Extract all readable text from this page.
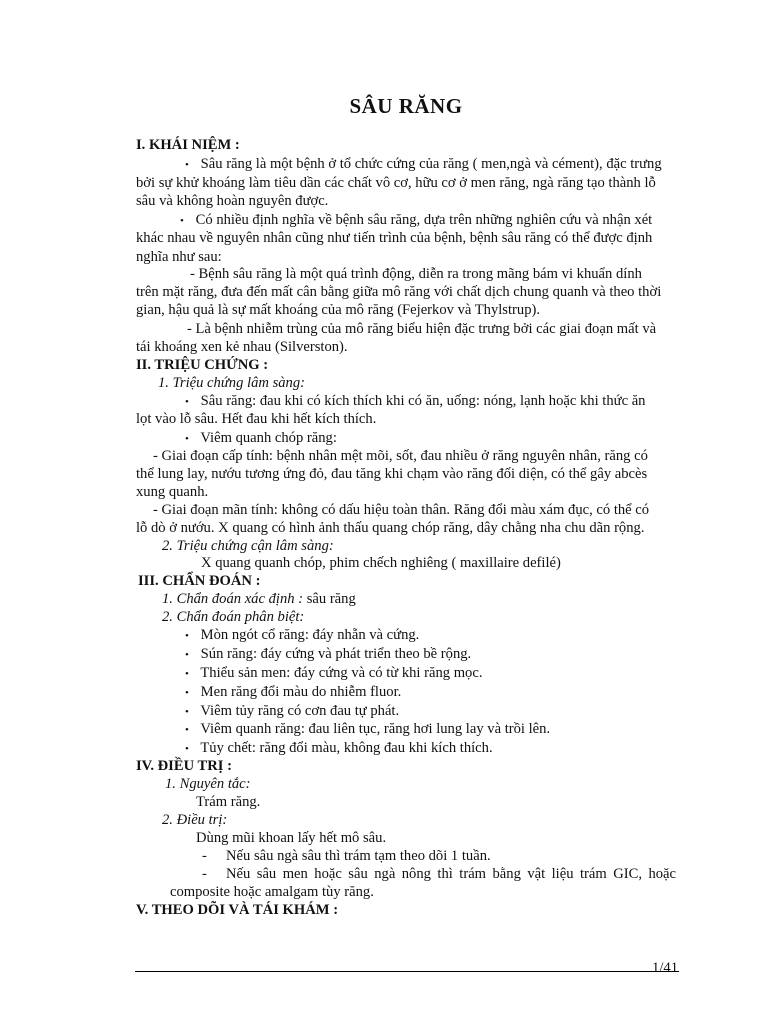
SÂU RĂNG
I. KHÁI NIỆM :
• Sâu răng là một bệnh ở tổ chức cứng của răng ( men,ngà và cément), đặc trưng
bởi sự khử khoáng làm tiêu dần các chất vô cơ, hữu cơ ở men răng, ngà răng tạo thành lỗ
sâu và không hoàn nguyên được.
• Có nhiều định nghĩa về bệnh sâu răng, dựa trên những nghiên cứu và nhận xét
khác nhau về nguyên nhân cũng như tiến trình của bệnh, bệnh sâu răng có thể được định
nghĩa như sau:
- Bệnh sâu răng là một quá trình động, diễn ra trong mãng bám vi khuẩn dính
trên mặt răng, đưa đến mất cân bằng giữa mô răng với chất dịch chung quanh và theo thời
gian, hậu quả là sự mất khoáng của mô răng (Fejerkov và Thylstrup).
- Là bệnh nhiễm trùng của mô răng biểu hiện đặc trưng bởi các giai đoạn mất và
tái khoáng xen kẻ nhau (Silverston).
II. TRIỆU CHỨNG :
1. Triệu chứng lâm sàng:
• Sâu răng: đau khi có kích thích khi có ăn, uống: nóng, lạnh hoặc khi thức ăn
lọt vào lỗ sâu. Hết đau khi hết kích thích.
• Viêm quanh chóp răng:
- Giai đoạn cấp tính: bệnh nhân mệt mõi, sốt, đau nhiều ở răng nguyên nhân, răng có
thể lung lay, nướu tương ứng đỏ, đau tăng khi chạm vào răng đối diện, có thể gây abcès
xung quanh.
- Giai đoạn mãn tính: không có dấu hiệu toàn thân. Răng đổi màu xám đục, có thể có
lỗ dò ở nướu. X quang có hình ảnh thấu quang chóp răng, dây chằng nha chu dãn rộng.
2. Triệu chứng cận lâm sàng:
X quang quanh chóp, phim chếch nghiêng ( maxillaire defilé)
III. CHẨN ĐOÁN :
1. Chẩn đoán xác định : sâu răng
2. Chẩn đoán phân biệt:
• Mòn ngót cổ răng: đáy nhẵn và cứng.
• Sún răng: đáy cứng và phát triển theo bề rộng.
• Thiểu sản men: đáy cứng và có từ khi răng mọc.
• Men răng đổi màu do nhiễm fluor.
• Viêm tủy răng có cơn đau tự phát.
• Viêm quanh răng: đau liên tục, răng hơi lung lay và trồi lên.
• Tủy chết: răng đổi màu, không đau khi kích thích.
IV. ĐIỀU TRỊ :
1. Nguyên tắc:
Trám răng.
2. Điều trị:
Dùng mũi khoan lấy hết mô sâu.
- Nếu sâu ngà sâu thì trám tạm theo dõi 1 tuần.
- Nếu sâu men hoặc sâu ngà nông thì trám bằng vật liệu trám GIC, hoặc
composite hoặc amalgam tùy răng.
V. THEO DÕI VÀ TÁI KHÁM :
1/41
